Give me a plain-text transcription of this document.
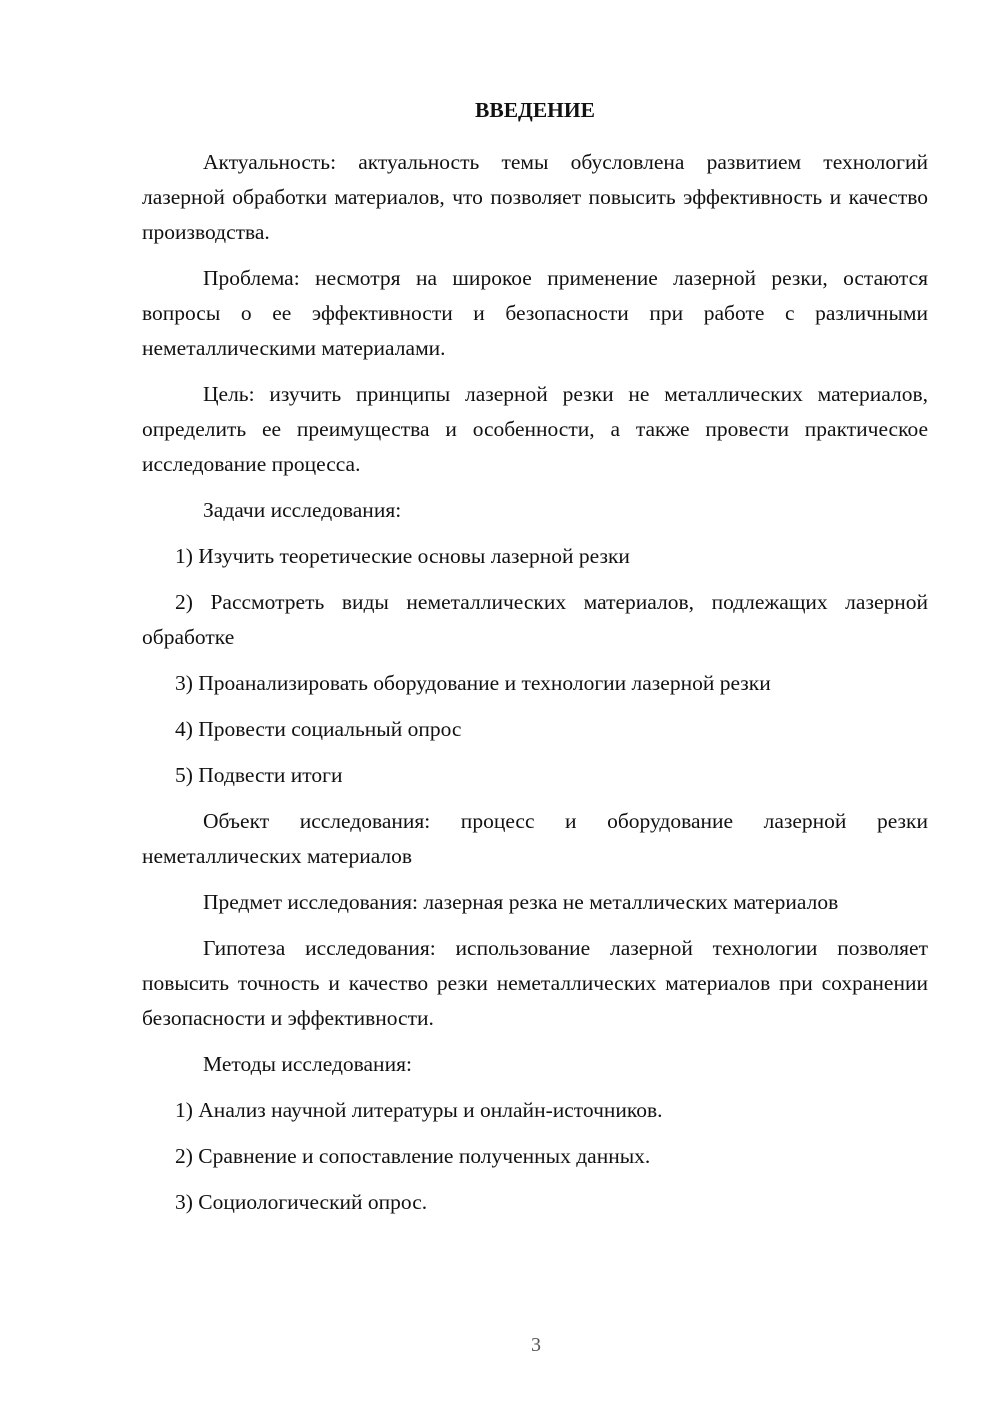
ВВЕДЕНИЕ

Актуальность: актуальность темы обусловлена развитием технологий лазерной обработки материалов, что позволяет повысить эффективность и качество производства.

Проблема: несмотря на широкое применение лазерной резки, остаются вопросы о ее эффективности и безопасности при работе с различными неметаллическими материалами.

Цель: изучить принципы лазерной резки не металлических материалов, определить ее преимущества и особенности, а также провести практическое исследование процесса.

Задачи исследования:

1) Изучить теоретические основы лазерной резки

2) Рассмотреть виды неметаллических материалов, подлежащих лазерной обработке

3) Проанализировать оборудование и технологии лазерной резки

4) Провести социальный опрос

5) Подвести итоги

Объект исследования: процесс и оборудование лазерной резки неметаллических материалов

Предмет исследования: лазерная резка не металлических материалов

Гипотеза исследования: использование лазерной технологии позволяет повысить точность и качество резки неметаллических материалов при сохранении безопасности и эффективности.

Методы исследования:

1) Анализ научной литературы и онлайн-источников.

2) Сравнение и сопоставление полученных данных.

3) Социологический опрос.

3
